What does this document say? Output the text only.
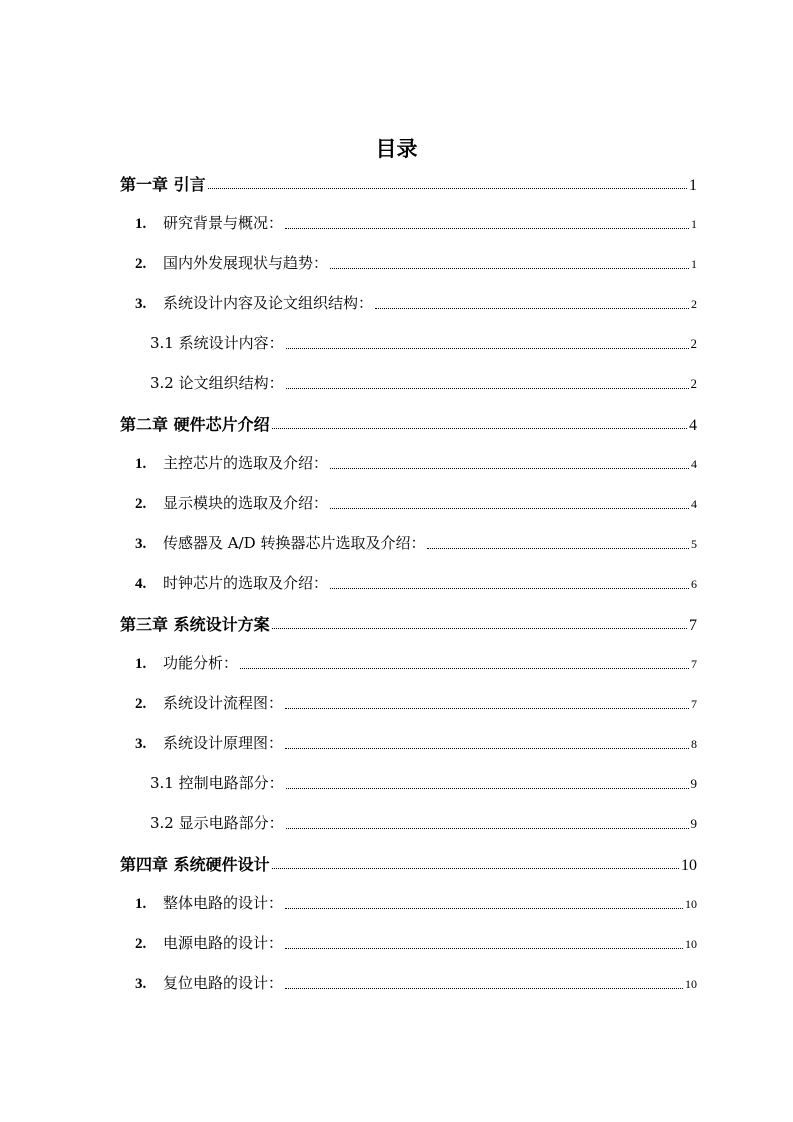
目录
第一章 引言	1
1.	研究背景与概况：	1
2.	国内外发展现状与趋势：	1
3.	系统设计内容及论文组织结构：	2
3.1 系统设计内容：	2
3.2 论文组织结构：	2
第二章 硬件芯片介绍	4
1.	主控芯片的选取及介绍：	4
2.	显示模块的选取及介绍：	4
3.	传感器及 A/D 转换器芯片选取及介绍：	5
4.	时钟芯片的选取及介绍：	6
第三章 系统设计方案	7
1.	功能分析：	7
2.	系统设计流程图：	7
3.	系统设计原理图：	8
3.1 控制电路部分：	9
3.2 显示电路部分：	9
第四章 系统硬件设计	10
1.	整体电路的设计：	10
2.	电源电路的设计：	10
3.	复位电路的设计：	10
